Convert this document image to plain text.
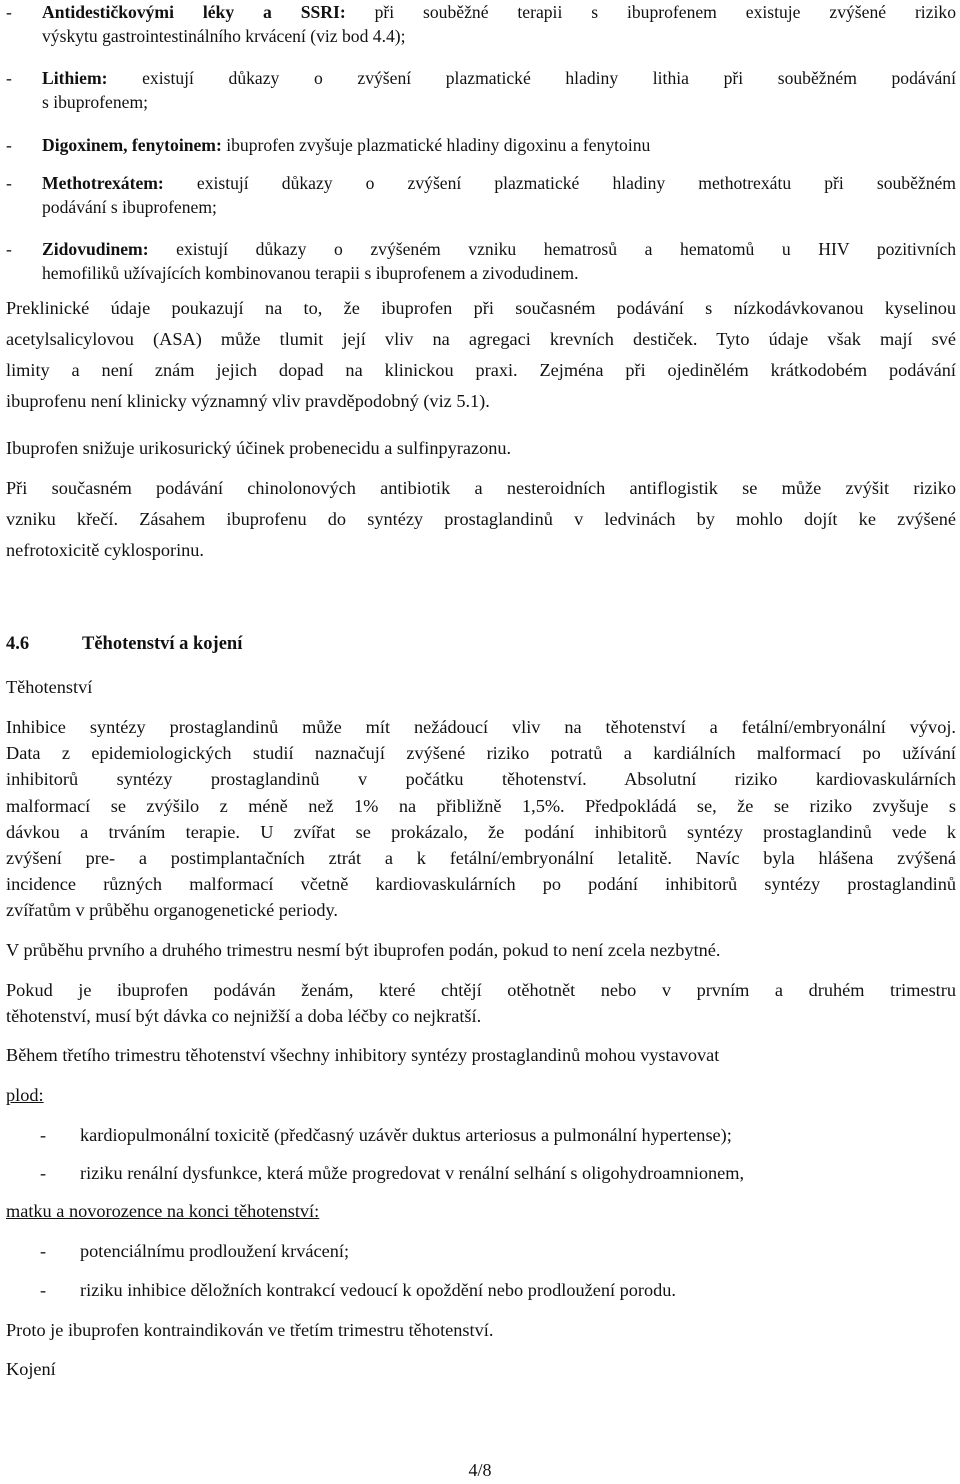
-	Antidestičkovými léky a SSRI: při souběžné terapii s ibuprofenem existuje zvýšené riziko
výskytu gastrointestinálního krvácení (viz bod 4.4);
-	Lithiem: existují důkazy o zvýšení plazmatické hladiny lithia při souběžném podávání
s ibuprofenem;
-	Digoxinem, fenytoinem: ibuprofen zvyšuje plazmatické hladiny digoxinu a fenytoinu
-	Methotrexátem: existují důkazy o zvýšení plazmatické hladiny methotrexátu při souběžném
podávání s ibuprofenem;
-	Zidovudinem: existují důkazy o zvýšeném vzniku hematrosů a hematomů u HIV pozitivních
hemofiliků užívajících kombinovanou terapii s ibuprofenem a zivodudinem.
Preklinické údaje poukazují na to, že ibuprofen při současném podávání s nízkodávkovanou kyselinou
acetylsalicylovou (ASA) může tlumit její vliv na agregaci krevních destiček. Tyto údaje však mají své
limity a není znám jejich dopad na klinickou praxi. Zejména při ojedinělém krátkodobém podávání
ibuprofenu není klinicky významný vliv pravděpodobný (viz 5.1).
Ibuprofen snižuje urikosurický účinek probenecidu a sulfinpyrazonu.
Při současném podávání chinolonových antibiotik a nesteroidních antiflogistik se může zvýšit riziko
vzniku křečí. Zásahem ibuprofenu do syntézy prostaglandinů v ledvinách by mohlo dojít ke zvýšené
nefrotoxicitě cyklosporinu.
4.6	Těhotenství a kojení
Těhotenství
Inhibice syntézy prostaglandinů může mít nežádoucí vliv na těhotenství a fetální/embryonální vývoj.
Data z epidemiologických studií naznačují zvýšené riziko potratů a kardiálních malformací po užívání
inhibitorů syntézy prostaglandinů v počátku těhotenství. Absolutní riziko kardiovaskulárních
malformací se zvýšilo z méně než 1% na přibližně 1,5%. Předpokládá se, že se riziko zvyšuje s
dávkou a trváním terapie. U zvířat se prokázalo, že podání inhibitorů syntézy prostaglandinů vede k
zvýšení pre- a postimplantačních ztrát a k fetální/embryonální letalitě. Navíc byla hlášena zvýšená
incidence různých malformací včetně kardiovaskulárních po podání inhibitorů syntézy prostaglandinů
zvířatům v průběhu organogenetické periody.
V průběhu prvního a druhého trimestru nesmí být ibuprofen podán, pokud to není zcela nezbytné.
Pokud je ibuprofen podáván ženám, které chtějí otěhotnět nebo v prvním a druhém trimestru
těhotenství, musí být dávka co nejnižší a doba léčby co nejkratší.
Během třetího trimestru těhotenství všechny inhibitory syntézy prostaglandinů mohou vystavovat
plod:
- kardiopulmonální toxicitě (předčasný uzávěr duktus arteriosus a pulmonální hypertense);
- riziku renální dysfunkce, která může progredovat v renální selhání s oligohydroamnionem,
matku a novorozence na konci těhotenství:
- potenciálnímu prodloužení krvácení;
- riziku inhibice děložních kontrakcí vedoucí k opoždění nebo prodloužení porodu.
Proto je ibuprofen kontraindikován ve třetím trimestru těhotenství.
Kojení
4/8
